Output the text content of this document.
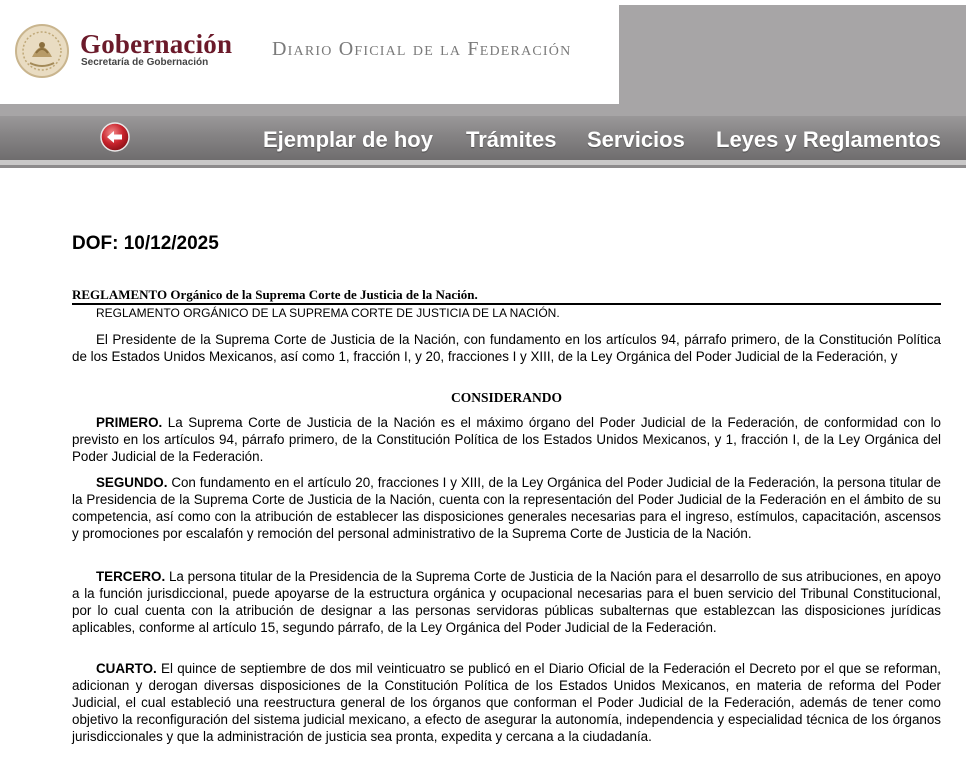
Gobernación
Secretaría de Gobernación
Diario Oficial de la Federación
Ejemplar de hoy Trámites Servicios Leyes y Reglamentos
DOF: 10/12/2025
REGLAMENTO Orgánico de la Suprema Corte de Justicia de la Nación.
REGLAMENTO ORGÁNICO DE LA SUPREMA CORTE DE JUSTICIA DE LA NACIÓN.

El Presidente de la Suprema Corte de Justicia de la Nación, con fundamento en los artículos 94, párrafo primero, de la Constitución Política de los Estados Unidos Mexicanos, así como 1, fracción I, y 20, fracciones I y XIII, de la Ley Orgánica del Poder Judicial de la Federación, y

CONSIDERANDO

PRIMERO. La Suprema Corte de Justicia de la Nación es el máximo órgano del Poder Judicial de la Federación, de conformidad con lo previsto en los artículos 94, párrafo primero, de la Constitución Política de los Estados Unidos Mexicanos, y 1, fracción I, de la Ley Orgánica del Poder Judicial de la Federación.

SEGUNDO. Con fundamento en el artículo 20, fracciones I y XIII, de la Ley Orgánica del Poder Judicial de la Federación, la persona titular de la Presidencia de la Suprema Corte de Justicia de la Nación, cuenta con la representación del Poder Judicial de la Federación en el ámbito de su competencia, así como con la atribución de establecer las disposiciones generales necesarias para el ingreso, estímulos, capacitación, ascensos y promociones por escalafón y remoción del personal administrativo de la Suprema Corte de Justicia de la Nación.

TERCERO. La persona titular de la Presidencia de la Suprema Corte de Justicia de la Nación para el desarrollo de sus atribuciones, en apoyo a la función jurisdiccional, puede apoyarse de la estructura orgánica y ocupacional necesarias para el buen servicio del Tribunal Constitucional, por lo cual cuenta con la atribución de designar a las personas servidoras públicas subalternas que establezcan las disposiciones jurídicas aplicables, conforme al artículo 15, segundo párrafo, de la Ley Orgánica del Poder Judicial de la Federación.

CUARTO. El quince de septiembre de dos mil veinticuatro se publicó en el Diario Oficial de la Federación el Decreto por el que se reforman, adicionan y derogan diversas disposiciones de la Constitución Política de los Estados Unidos Mexicanos, en materia de reforma del Poder Judicial, el cual estableció una reestructura general de los órganos que conforman el Poder Judicial de la Federación, además de tener como objetivo la reconfiguración del sistema judicial mexicano, a efecto de asegurar la autonomía, independencia y especialidad técnica de los órganos jurisdiccionales y que la administración de justicia sea pronta, expedita y cercana a la ciudadanía.
